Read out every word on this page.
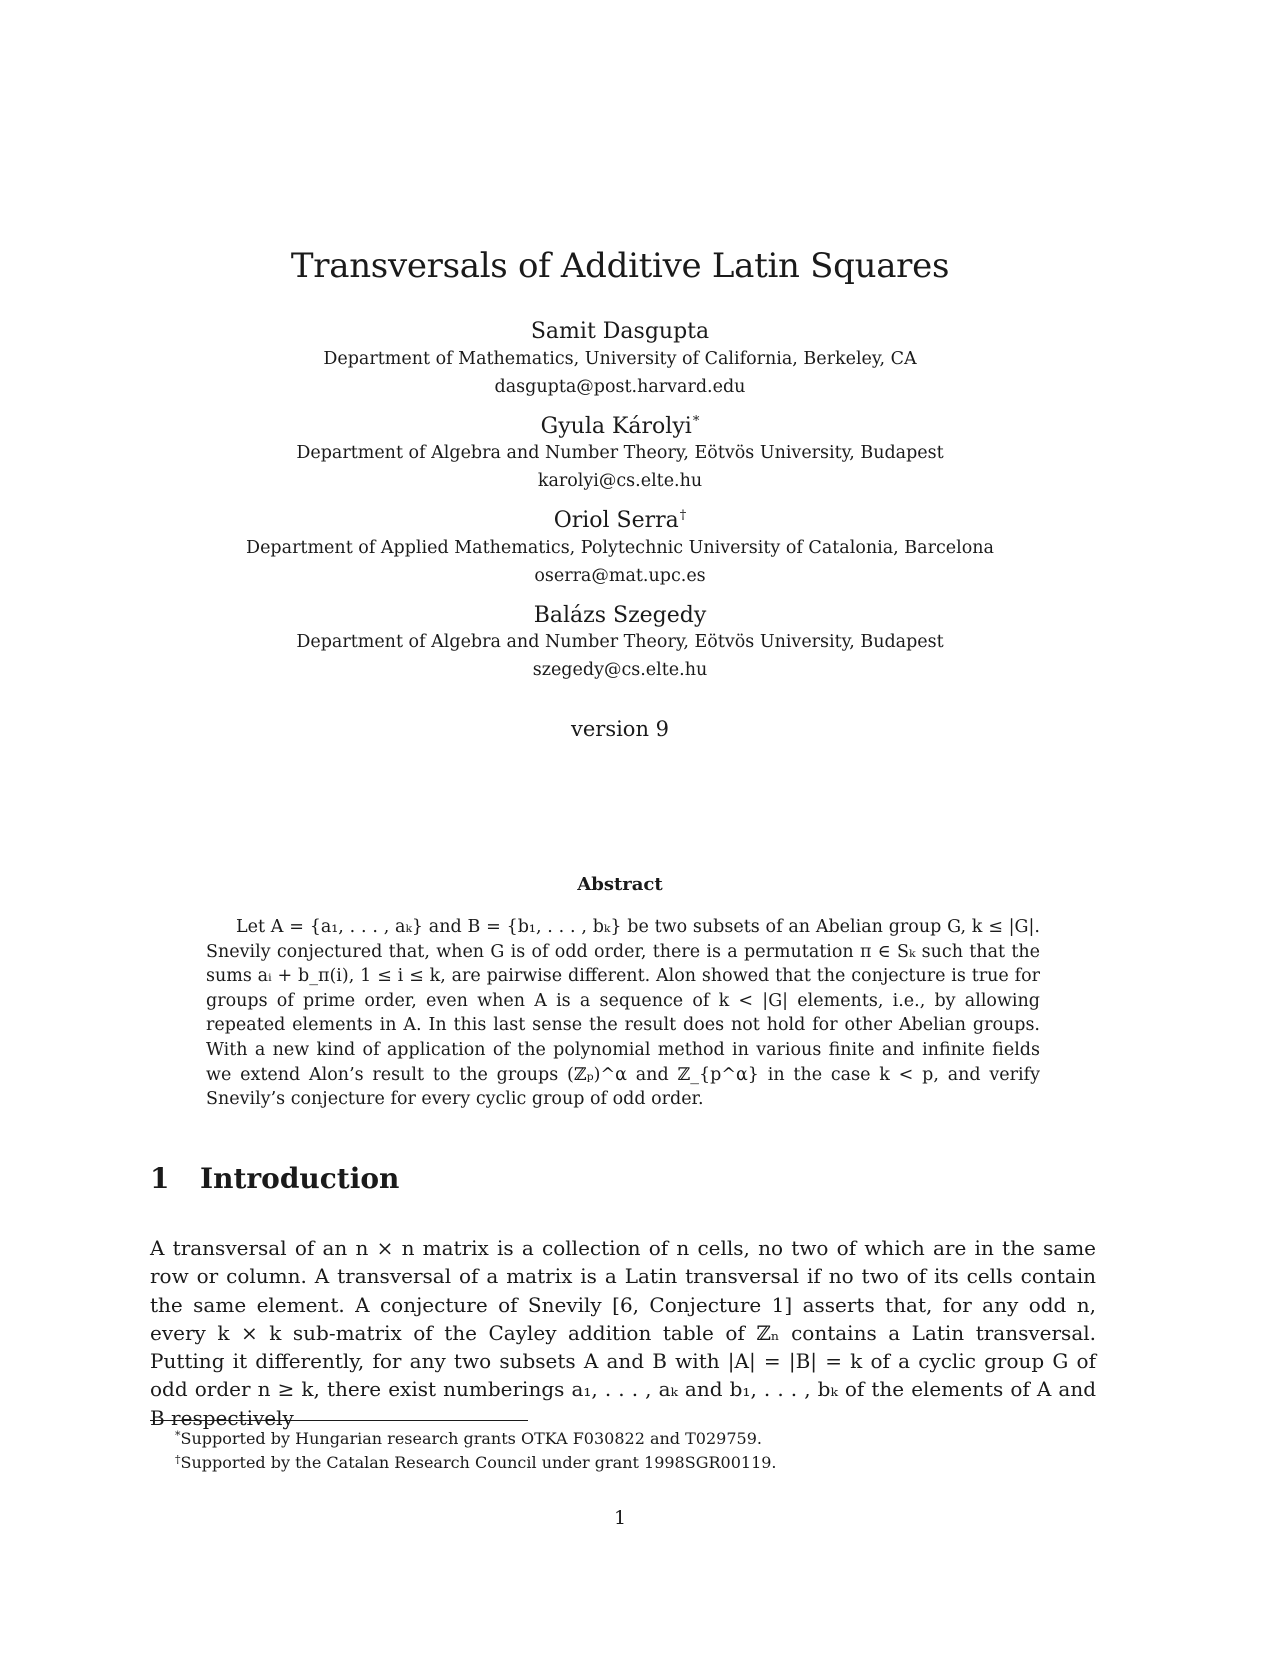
Transversals of Additive Latin Squares
Samit Dasgupta
Department of Mathematics, University of California, Berkeley, CA
dasgupta@post.harvard.edu
Gyula Károlyi*
Department of Algebra and Number Theory, Eötvös University, Budapest
karolyi@cs.elte.hu
Oriol Serra†
Department of Applied Mathematics, Polytechnic University of Catalonia, Barcelona
oserra@mat.upc.es
Balázs Szegedy
Department of Algebra and Number Theory, Eötvös University, Budapest
szegedy@cs.elte.hu
version 9
Abstract
Let A = {a₁, . . . , aₖ} and B = {b₁, . . . , bₖ} be two subsets of an Abelian group G, k ≤ |G|. Snevily conjectured that, when G is of odd order, there is a permutation π ∈ Sₖ such that the sums aᵢ + b_π(i), 1 ≤ i ≤ k, are pairwise different. Alon showed that the conjecture is true for groups of prime order, even when A is a sequence of k < |G| elements, i.e., by allowing repeated elements in A. In this last sense the result does not hold for other Abelian groups. With a new kind of application of the polynomial method in various finite and infinite fields we extend Alon’s result to the groups (ℤₚ)^α and ℤ_{p^α} in the case k < p, and verify Snevily’s conjecture for every cyclic group of odd order.
1 Introduction
A transversal of an n × n matrix is a collection of n cells, no two of which are in the same row or column. A transversal of a matrix is a Latin transversal if no two of its cells contain the same element. A conjecture of Snevily [6, Conjecture 1] asserts that, for any odd n, every k × k sub-matrix of the Cayley addition table of ℤₙ contains a Latin transversal. Putting it differently, for any two subsets A and B with |A| = |B| = k of a cyclic group G of odd order n ≥ k, there exist numberings a₁, . . . , aₖ and b₁, . . . , bₖ of the elements of A and B respectively
*Supported by Hungarian research grants OTKA F030822 and T029759.
†Supported by the Catalan Research Council under grant 1998SGR00119.
1
